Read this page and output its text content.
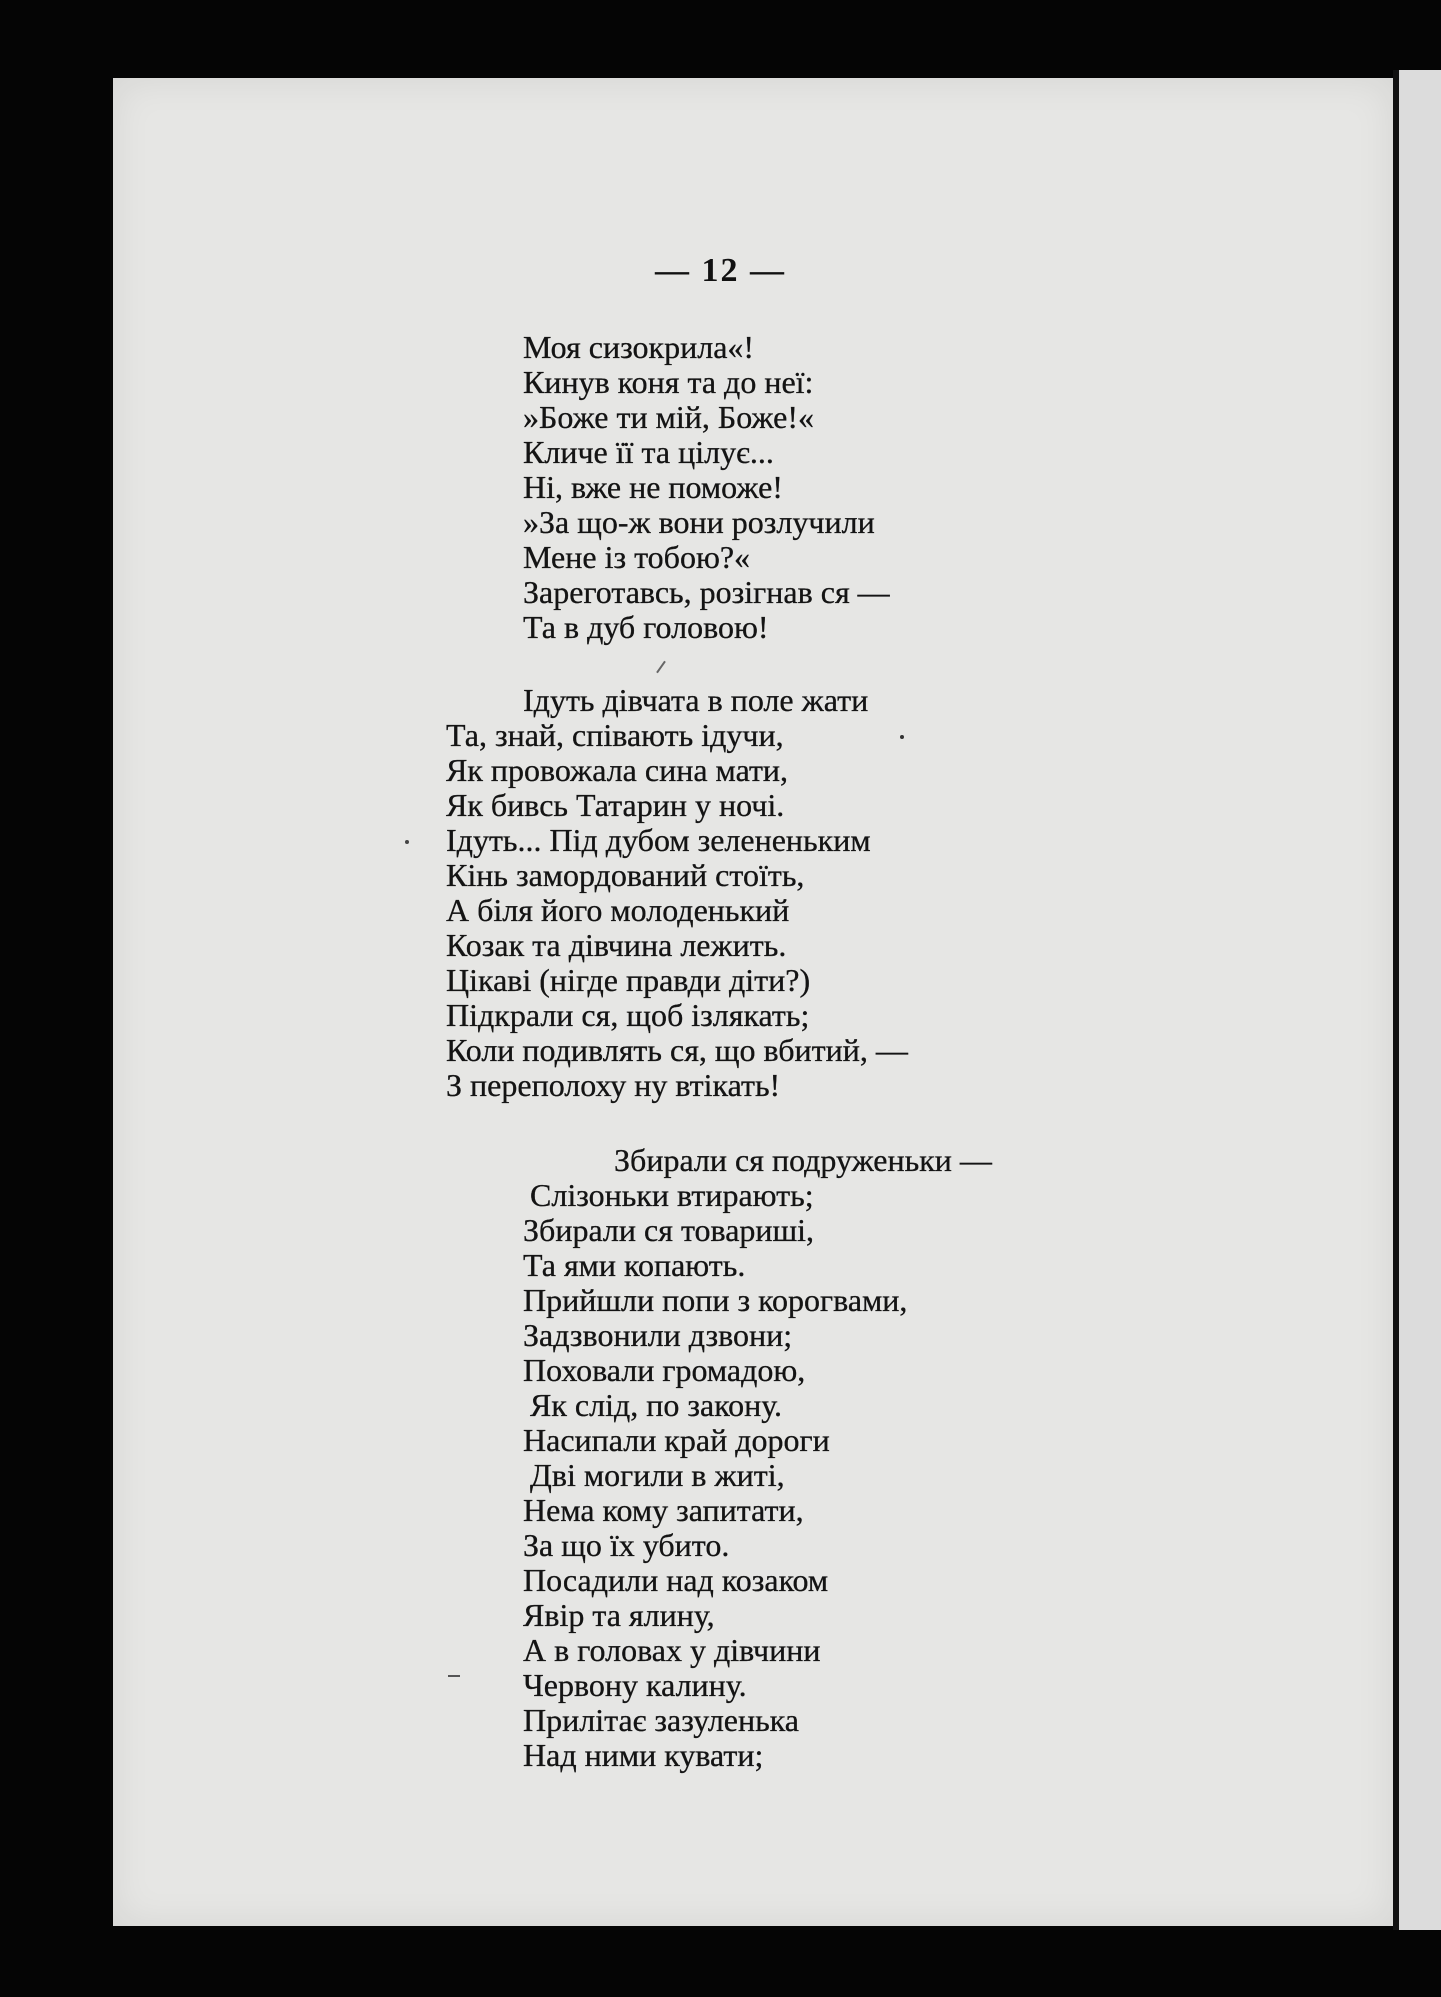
— 12 —
Моя сизокрила«!
Кинув коня та до неї:
»Боже ти мій, Боже!«
Кличе її та цілує...
Ні, вже не поможе!
»За що-ж вони розлучили
Мене із тобою?«
Зареготавсь, розігнав ся —
Та в дуб головою!
Ідуть дівчата в поле жати
Та, знай, співають ідучи,
Як провожала сина мати,
Як бивсь Татарин у ночі.
Ідуть... Під дубом зелененьким
Кінь замордований стоїть,
А біля його молоденький
Козак та дівчина лежить.
Цікаві (нігде правди діти?)
Підкрали ся, щоб ізлякать;
Коли подивлять ся, що вбитий, —
З переполоху ну втікать!
Збирали ся подруженьки —
Слізоньки втирають;
Збирали ся товариші,
Та ями копають.
Прийшли попи з корогвами,
Задзвонили дзвони;
Поховали громадою,
Як слід, по закону.
Насипали край дороги
Дві могили в житі,
Нема кому запитати,
За що їх убито.
Посадили над козаком
Явір та ялину,
А в головах у дівчини
Червону калину.
Прилітає зазуленька
Над ними кувати;
